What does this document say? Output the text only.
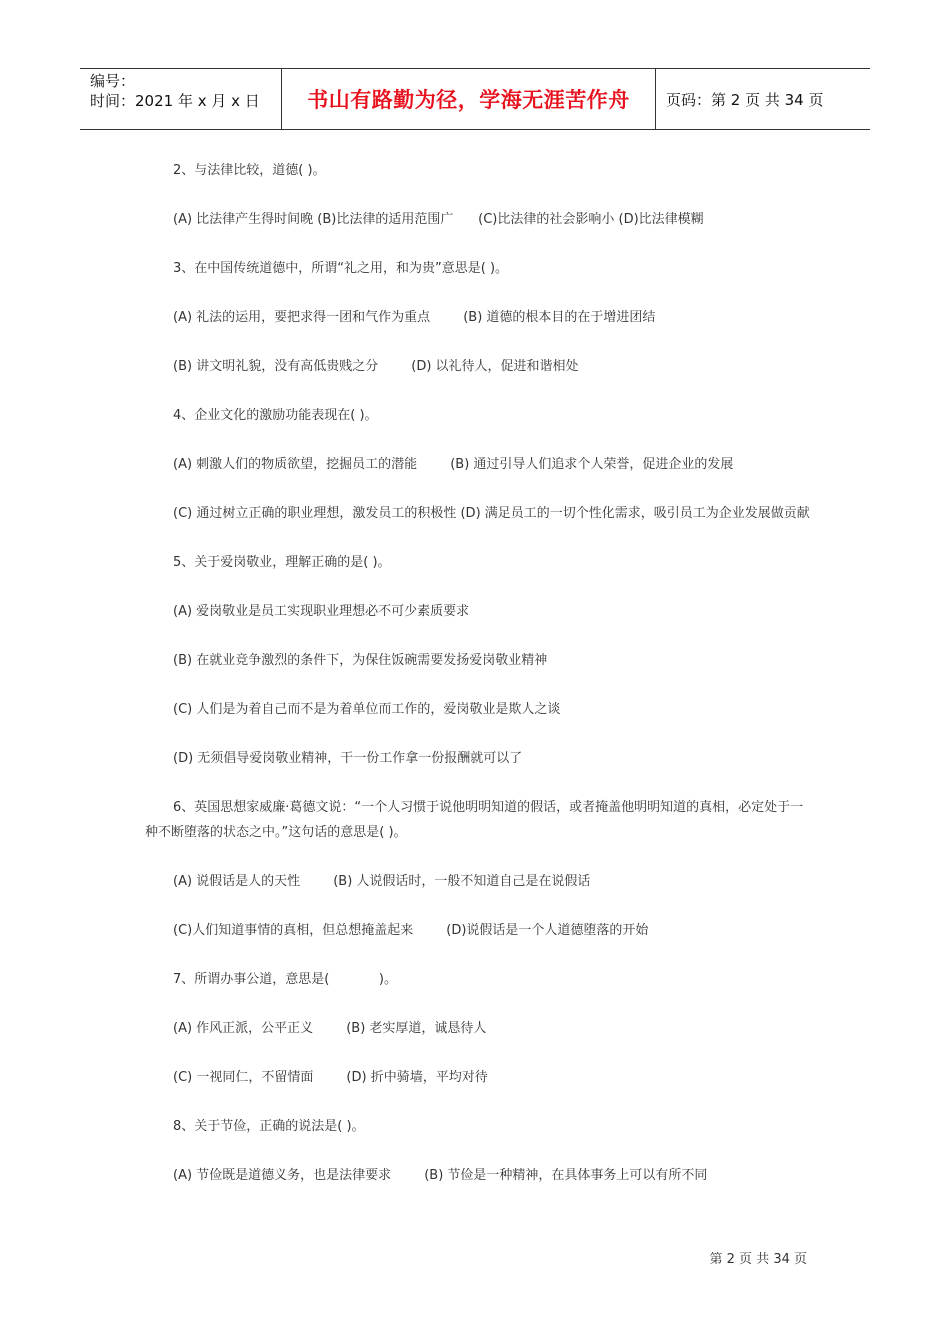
编号：
时间：2021 年 x 月 x 日	书山有路勤为径，学海无涯苦作舟 页码：第 2 页 共 34 页
2、与法律比较，道德( )。
(A) 比法律产生得时间晚 (B)比法律的适用范围广      (C)比法律的社会影响小 (D)比法律模糊
3、在中国传统道德中，所谓“礼之用，和为贵”意思是( )。
(A) 礼法的运用，要把求得一团和气作为重点        (B) 道德的根本目的在于增进团结
(B) 讲文明礼貌，没有高低贵贱之分        (D) 以礼待人，促进和谐相处
4、企业文化的激励功能表现在( )。
(A) 刺激人们的物质欲望，挖掘员工的潜能        (B) 通过引导人们追求个人荣誉，促进企业的发展
(C) 通过树立正确的职业理想，激发员工的积极性 (D) 满足员工的一切个性化需求，吸引员工为企业发展做贡献
5、关于爱岗敬业，理解正确的是( )。
(A) 爱岗敬业是员工实现职业理想必不可少素质要求
(B) 在就业竞争激烈的条件下，为保住饭碗需要发扬爱岗敬业精神
(C) 人们是为着自己而不是为着单位而工作的，爱岗敬业是欺人之谈
(D) 无须倡导爱岗敬业精神，干一份工作拿一份报酬就可以了
6、英国思想家威廉·葛德文说：“一个人习惯于说他明明知道的假话，或者掩盖他明明知道的真相，必定处于一种不断堕落的状态之中。”这句话的意思是( )。
(A) 说假话是人的天性        (B) 人说假话时，一般不知道自己是在说假话
(C)人们知道事情的真相，但总想掩盖起来        (D)说假话是一个人道德堕落的开始
7、所谓办事公道，意思是(            )。
(A) 作风正派，公平正义        (B) 老实厚道，诚恳待人
(C) 一视同仁，不留情面        (D) 折中骑墙，平均对待
8、关于节俭，正确的说法是( )。
(A) 节俭既是道德义务，也是法律要求        (B) 节俭是一种精神，在具体事务上可以有所不同
第 2 页 共 34 页
